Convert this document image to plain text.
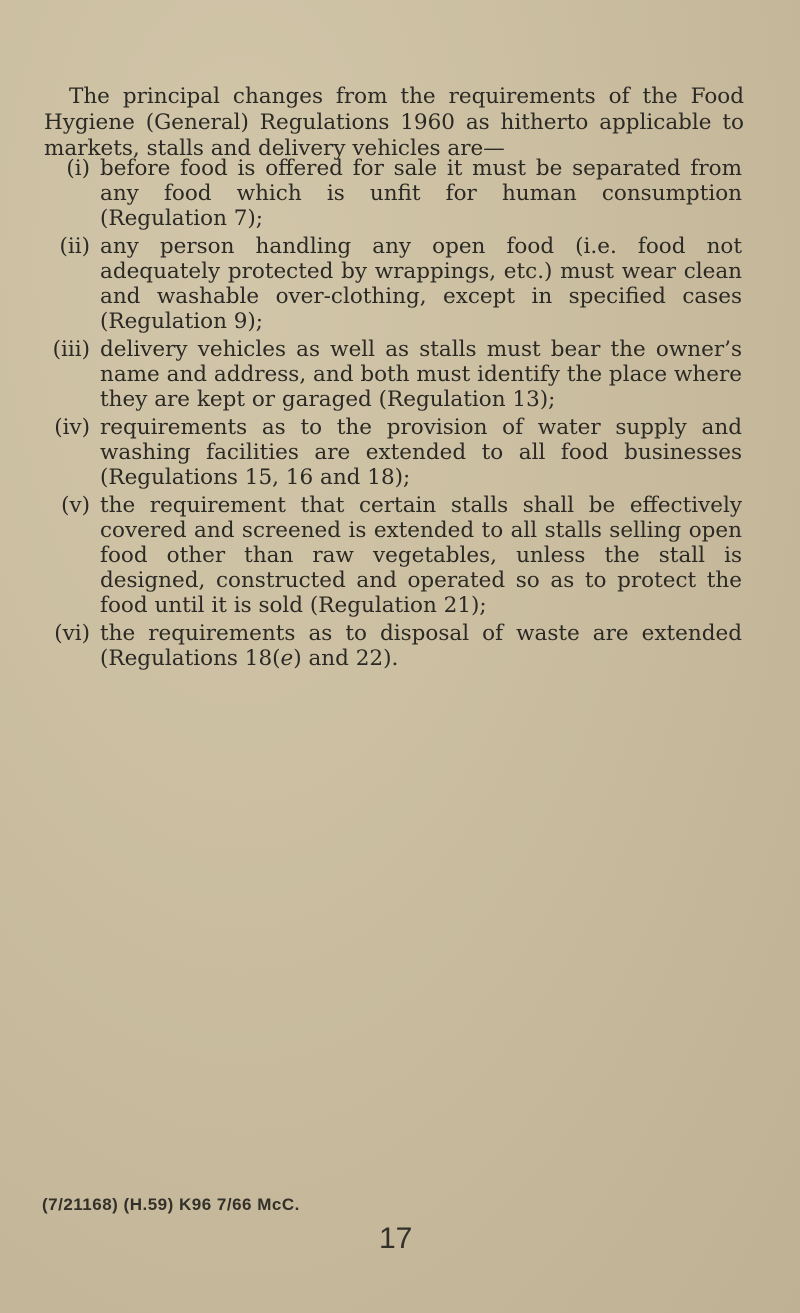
The principal changes from the requirements of the Food Hygiene (General) Regulations 1960 as hitherto applicable to markets, stalls and delivery vehicles are—

(i) before food is offered for sale it must be separated from any food which is unfit for human consumption (Regulation 7);
(ii) any person handling any open food (i.e. food not adequately protected by wrappings, etc.) must wear clean and washable over-clothing, except in specified cases (Regulation 9);
(iii) delivery vehicles as well as stalls must bear the owner’s name and address, and both must identify the place where they are kept or garaged (Regulation 13);
(iv) requirements as to the provision of water supply and washing facilities are extended to all food businesses (Regulations 15, 16 and 18);
(v) the requirement that certain stalls shall be effectively covered and screened is extended to all stalls selling open food other than raw vegetables, unless the stall is designed, constructed and operated so as to protect the food until it is sold (Regulation 21);
(vi) the requirements as to disposal of waste are extended (Regulations 18(e) and 22).
(7/21168) (H.59) K96 7/66 McC.
17
